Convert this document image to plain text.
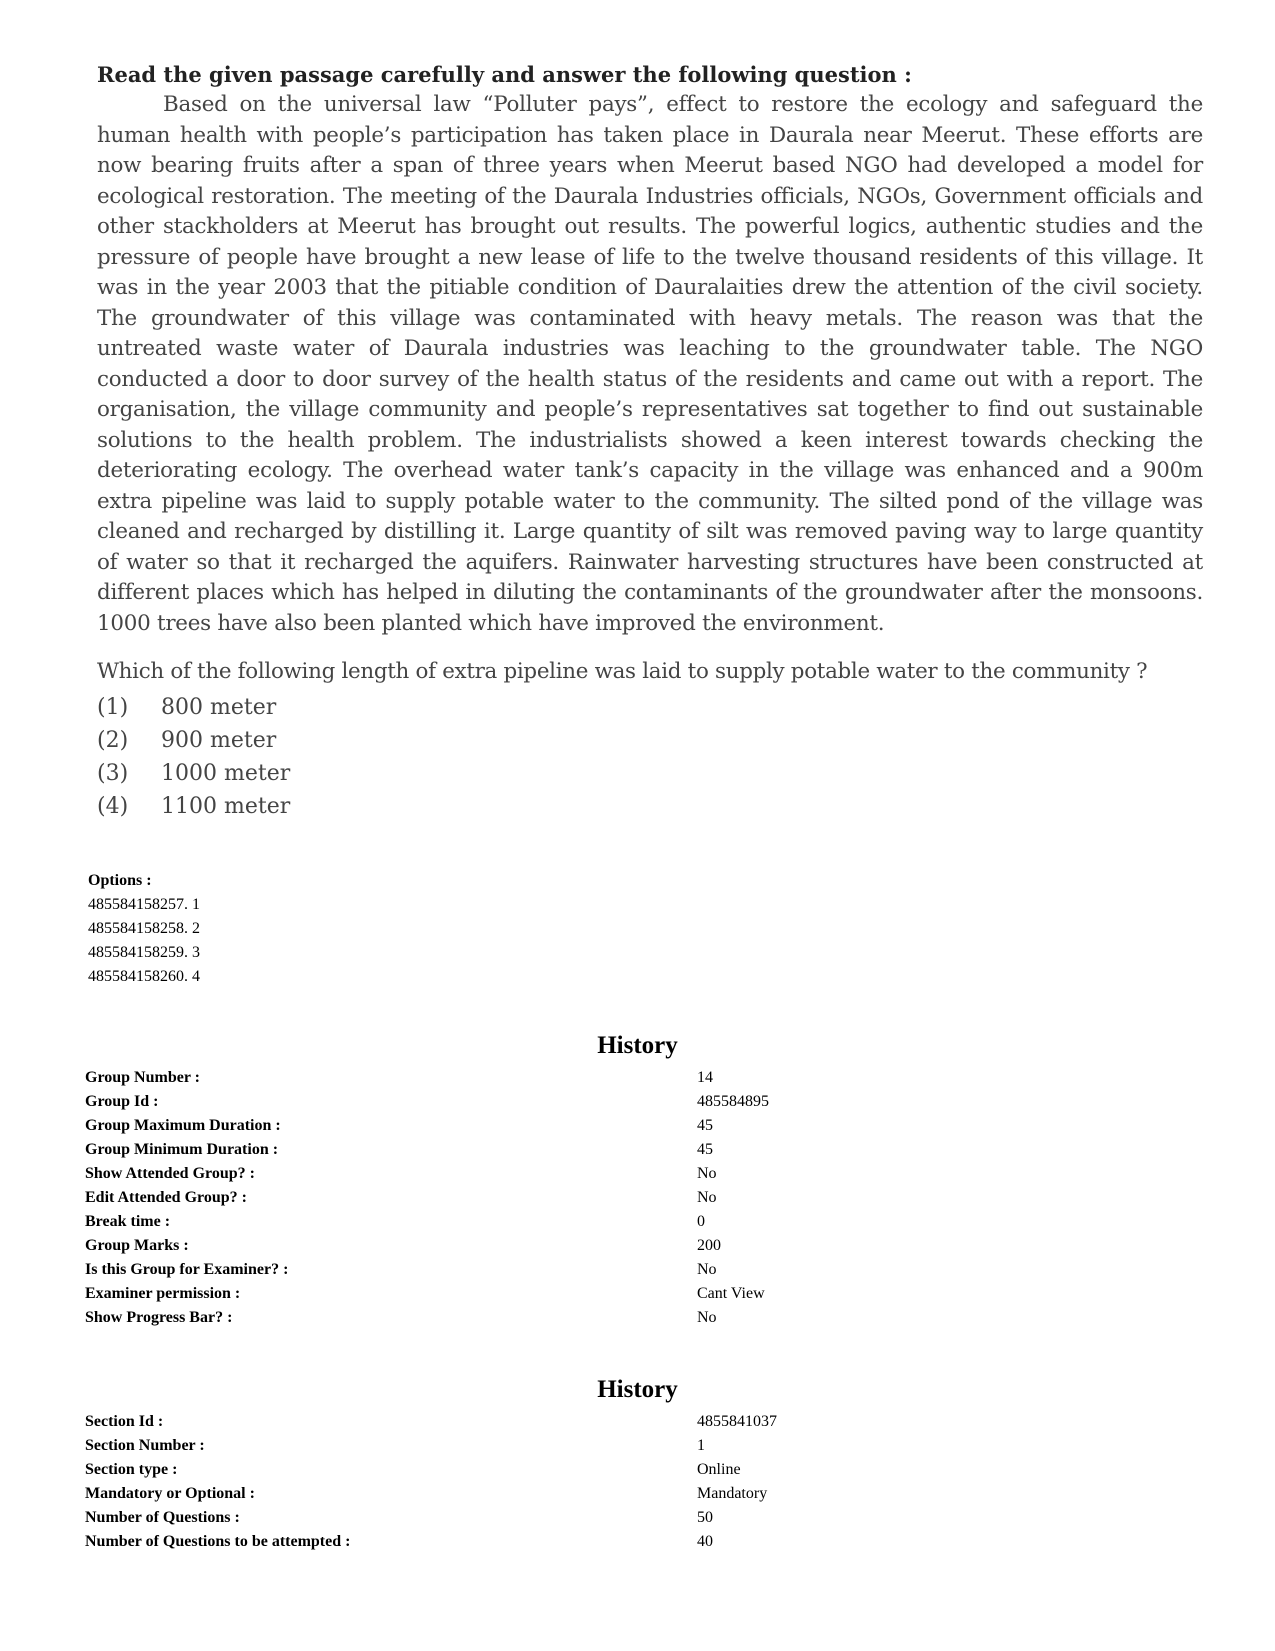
Read the given passage carefully and answer the following question :

Based on the universal law “Polluter pays”, effect to restore the ecology and safeguard the human health with people’s participation has taken place in Daurala near Meerut. These efforts are now bearing fruits after a span of three years when Meerut based NGO had developed a model for ecological restoration. The meeting of the Daurala Industries officials, NGOs, Government officials and other stackholders at Meerut has brought out results. The powerful logics, authentic studies and the pressure of people have brought a new lease of life to the twelve thousand residents of this village. It was in the year 2003 that the pitiable condition of Dauralaities drew the attention of the civil society. The groundwater of this village was contaminated with heavy metals. The reason was that the untreated waste water of Daurala industries was leaching to the groundwater table. The NGO conducted a door to door survey of the health status of the residents and came out with a report. The organisation, the village community and people’s representatives sat together to find out sustainable solutions to the health problem. The industrialists showed a keen interest towards checking the deteriorating ecology. The overhead water tank’s capacity in the village was enhanced and a 900m extra pipeline was laid to supply potable water to the community. The silted pond of the village was cleaned and recharged by distilling it. Large quantity of silt was removed paving way to large quantity of water so that it recharged the aquifers. Rainwater harvesting structures have been constructed at different places which has helped in diluting the contaminants of the groundwater after the monsoons. 1000 trees have also been planted which have improved the environment.

Which of the following length of extra pipeline was laid to supply potable water to the community ?

(1)	800 meter
(2)	900 meter
(3)	1000 meter
(4)	1100 meter
Options :
485584158257. 1
485584158258. 2
485584158259. 3
485584158260. 4
History
Group Number :	14
Group Id :	485584895
Group Maximum Duration :	45
Group Minimum Duration :	45
Show Attended Group? :	No
Edit Attended Group? :	No
Break time :	0
Group Marks :	200
Is this Group for Examiner? :	No
Examiner permission :	Cant View
Show Progress Bar? :	No
History
Section Id :	4855841037
Section Number :	1
Section type :	Online
Mandatory or Optional :	Mandatory
Number of Questions :	50
Number of Questions to be attempted :	40
